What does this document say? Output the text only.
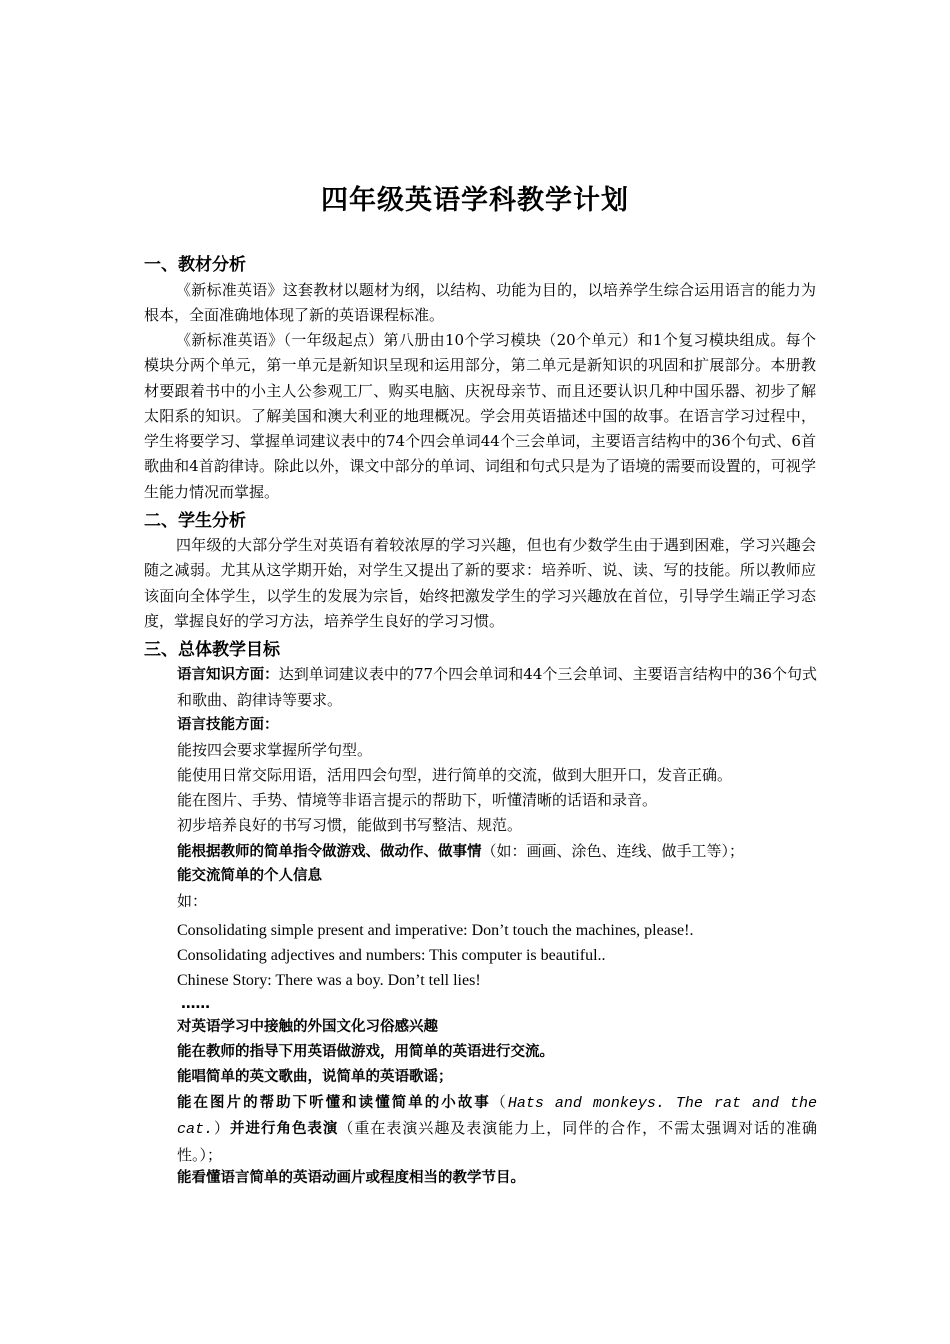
四年级英语学科教学计划
一、教材分析
《新标准英语》这套教材以题材为纲，以结构、功能为目的，以培养学生综合运用语言的能力为根本，全面准确地体现了新的英语课程标准。
《新标准英语》（一年级起点）第八册由10个学习模块（20个单元）和1个复习模块组成。每个模块分两个单元，第一单元是新知识呈现和运用部分，第二单元是新知识的巩固和扩展部分。本册教材要跟着书中的小主人公参观工厂、购买电脑、庆祝母亲节、而且还要认识几种中国乐器、初步了解太阳系的知识。了解美国和澳大利亚的地理概况。学会用英语描述中国的故事。在语言学习过程中，学生将要学习、掌握单词建议表中的74个四会单词44个三会单词，主要语言结构中的36个句式、6首歌曲和4首韵律诗。除此以外，课文中部分的单词、词组和句式只是为了语境的需要而设置的，可视学生能力情况而掌握。
二、学生分析
四年级的大部分学生对英语有着较浓厚的学习兴趣，但也有少数学生由于遇到困难，学习兴趣会随之减弱。尤其从这学期开始，对学生又提出了新的要求：培养听、说、读、写的技能。所以教师应该面向全体学生，以学生的发展为宗旨，始终把激发学生的学习兴趣放在首位，引导学生端正学习态度，掌握良好的学习方法，培养学生良好的学习习惯。
三、总体教学目标
语言知识方面：达到单词建议表中的77个四会单词和44个三会单词、主要语言结构中的36个句式和歌曲、韵律诗等要求。
语言技能方面：
能按四会要求掌握所学句型。
能使用日常交际用语，活用四会句型，进行简单的交流，做到大胆开口，发音正确。
能在图片、手势、情境等非语言提示的帮助下，听懂清晰的话语和录音。
初步培养良好的书写习惯，能做到书写整洁、规范。
能根据教师的简单指令做游戏、做动作、做事情（如：画画、涂色、连线、做手工等）；
能交流简单的个人信息
如：
Consolidating simple present and imperative: Don’t touch the machines, please!.
Consolidating adjectives and numbers: This computer is beautiful..
Chinese Story: There was a boy. Don’t tell lies!
……
对英语学习中接触的外国文化习俗感兴趣
能在教师的指导下用英语做游戏，用简单的英语进行交流。
能唱简单的英文歌曲，说简单的英语歌谣；
能在图片的帮助下听懂和读懂简单的小故事（Hats and monkeys. The rat and the cat.）并进行角色表演（重在表演兴趣及表演能力上，同伴的合作，不需太强调对话的准确性。）；
能看懂语言简单的英语动画片或程度相当的教学节目。
